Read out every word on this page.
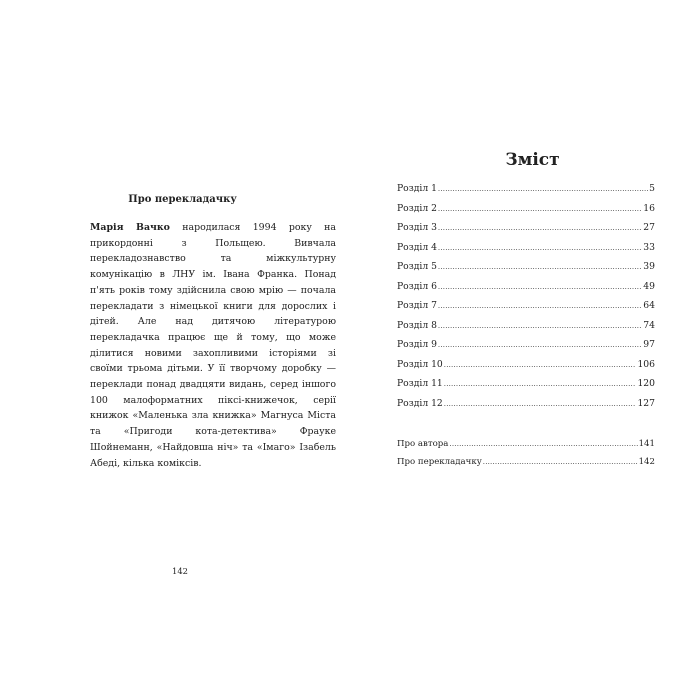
Про перекладачку

Марія Вачко народилася 1994 року на прикордонні з Польщею. Вивчала перекладознавство та міжкультурну комунікацію в ЛНУ ім. Івана Франка. Понад п'ять років тому здійснила свою мрію — почала перекладати з німецької книги для дорослих і дітей. Але над дитячою літературою перекладачка працює ще й тому, що може ділитися новими захопливими історіями зі своїми трьома дітьми. У її творчому доробку — переклади понад двадцяти видань, серед іншого 100 малоформатних піксі-книжечок, серії книжок «Маленька зла книжка» Магнуса Міста та «Пригоди кота-детектива» Фрауке Шойнеманн, «Найдовша ніч» та «Імаго» Ізабель Абеді, кілька коміксів.

142
Зміст
Розділ 1 .....	5
Розділ 2 .....	16
Розділ 3 .....	27
Розділ 4 .....	33
Розділ 5 .....	39
Розділ 6 .....	49
Розділ 7 .....	64
Розділ 8 .....	74
Розділ 9 .....	97
Розділ 10 .....	106
Розділ 11 .....	120
Розділ 12 .....	127
Про автора .....	141
Про перекладачку .....	142
